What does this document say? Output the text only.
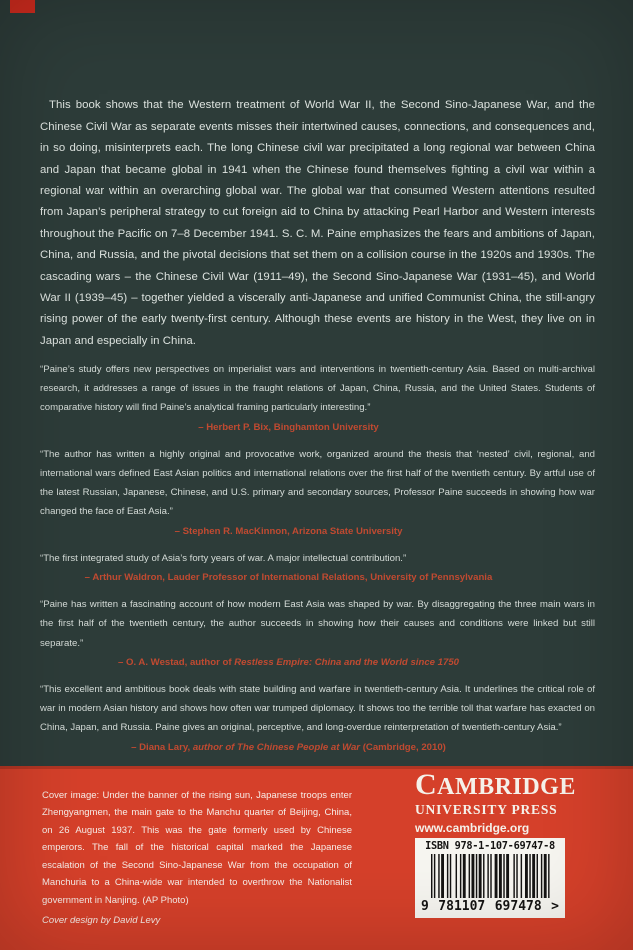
This book shows that the Western treatment of World War II, the Second Sino-Japanese War, and the Chinese Civil War as separate events misses their intertwined causes, connections, and consequences and, in so doing, misinterprets each. The long Chinese civil war precipitated a long regional war between China and Japan that became global in 1941 when the Chinese found themselves fighting a civil war within a regional war within an overarching global war. The global war that consumed Western attentions resulted from Japan’s peripheral strategy to cut foreign aid to China by attacking Pearl Harbor and Western interests throughout the Pacific on 7–8 December 1941. S. C. M. Paine emphasizes the fears and ambitions of Japan, China, and Russia, and the pivotal decisions that set them on a collision course in the 1920s and 1930s. The cascading wars – the Chinese Civil War (1911–49), the Second Sino-Japanese War (1931–45), and World War II (1939–45) – together yielded a viscerally anti-Japanese and unified Communist China, the still-angry rising power of the early twenty-first century. Although these events are history in the West, they live on in Japan and especially in China.

“Paine’s study offers new perspectives on imperialist wars and interventions in twentieth-century Asia. Based on multi-archival research, it addresses a range of issues in the fraught relations of Japan, China, Russia, and the United States. Students of comparative history will find Paine’s analytical framing particularly interesting.”
– Herbert P. Bix, Binghamton University
“The author has written a highly original and provocative work, organized around the thesis that ‘nested’ civil, regional, and international wars defined East Asian politics and international relations over the first half of the twentieth century. By artful use of the latest Russian, Japanese, Chinese, and U.S. primary and secondary sources, Professor Paine succeeds in showing how war changed the face of East Asia.”
– Stephen R. MacKinnon, Arizona State University
“The first integrated study of Asia’s forty years of war. A major intellectual contribution.”
– Arthur Waldron, Lauder Professor of International Relations, University of Pennsylvania
“Paine has written a fascinating account of how modern East Asia was shaped by war. By disaggregating the three main wars in the first half of the twentieth century, the author succeeds in showing how their causes and conditions were linked but still separate.”
– O. A. Westad, author of Restless Empire: China and the World since 1750
“This excellent and ambitious book deals with state building and warfare in twentieth-century Asia. It underlines the critical role of war in modern Asian history and shows how often war trumped diplomacy. It shows too the terrible toll that warfare has exacted on China, Japan, and Russia. Paine gives an original, perceptive, and long-overdue reinterpretation of twentieth-century Asia.”
– Diana Lary, author of The Chinese People at War (Cambridge, 2010)

Cover image: Under the banner of the rising sun, Japanese troops enter Zhengyangmen, the main gate to the Manchu quarter of Beijing, China, on 26 August 1937. This was the gate formerly used by Chinese emperors. The fall of the historical capital marked the Japanese escalation of the Second Sino-Japanese War from the occupation of Manchuria to a China-wide war intended to overthrow the Nationalist government in Nanjing. (AP Photo)

Cover design by David Levy

CAMBRIDGE
UNIVERSITY PRESS
www.cambridge.org
ISBN 978-1-107-69747-8
9 781107 697478 >
